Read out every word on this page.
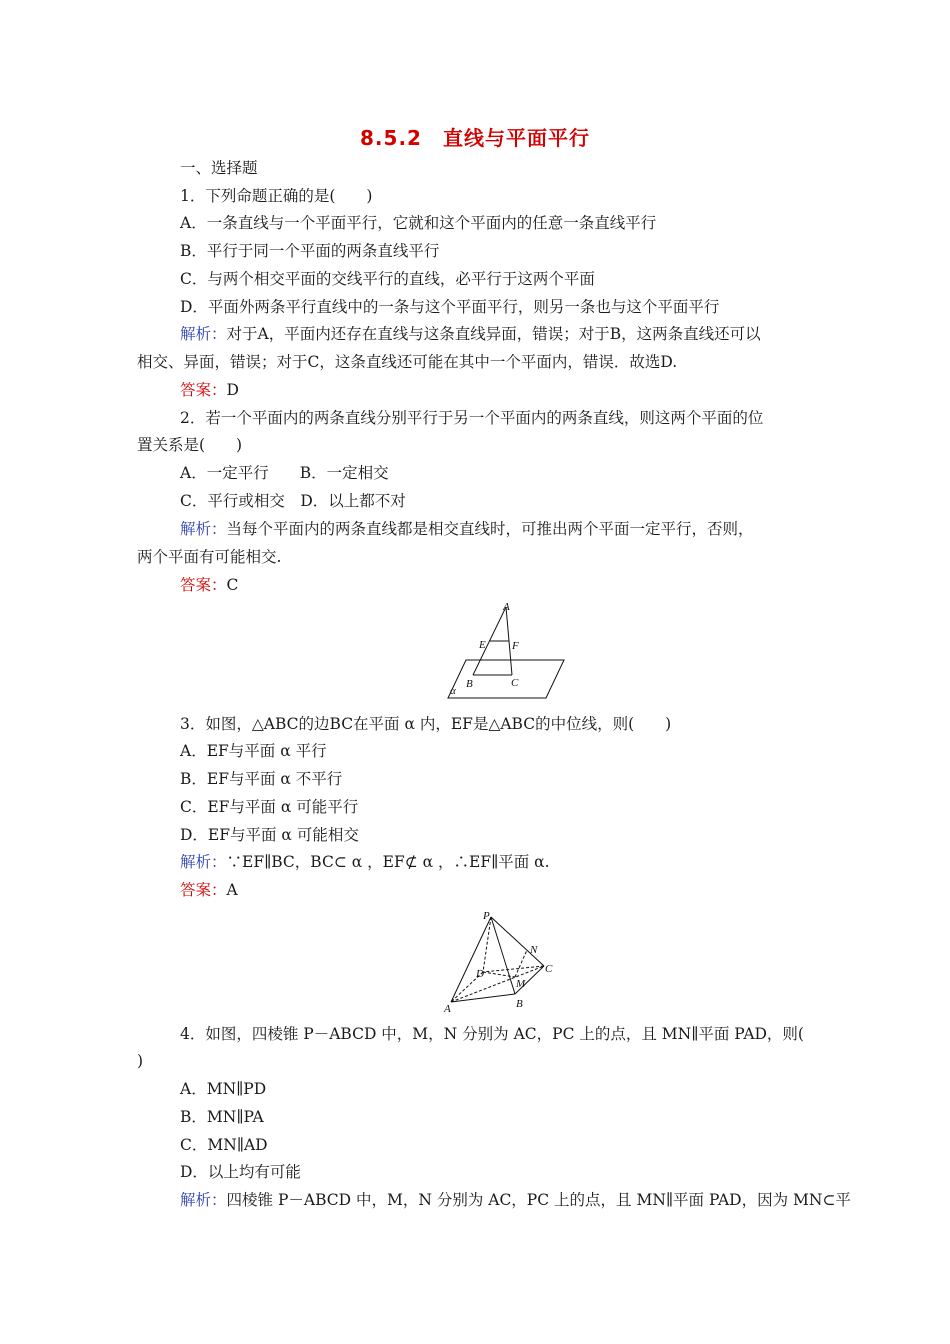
8.5.2　直线与平面平行
一、选择题
1．下列命题正确的是(　　)
A．一条直线与一个平面平行，它就和这个平面内的任意一条直线平行
B．平行于同一个平面的两条直线平行
C．与两个相交平面的交线平行的直线，必平行于这两个平面
D．平面外两条平行直线中的一条与这个平面平行，则另一条也与这个平面平行
解析：对于A，平面内还存在直线与这条直线异面，错误；对于B，这两条直线还可以
相交、异面，错误；对于C，这条直线还可能在其中一个平面内，错误．故选D.
答案：D
2．若一个平面内的两条直线分别平行于另一个平面内的两条直线，则这两个平面的位
置关系是(　　)
A．一定平行　　B．一定相交
C．平行或相交　D．以上都不对
解析：当每个平面内的两条直线都是相交直线时，可推出两个平面一定平行，否则，
两个平面有可能相交.
答案：C
A
E F
B	C
α
3．如图，△ABC的边BC在平面 α 内，EF是△ABC的中位线，则(　　)
A．EF与平面 α 平行
B．EF与平面 α 不平行
C．EF与平面 α 可能平行
D．EF与平面 α 可能相交
解析：∵EF∥BC，BC⊂ α ，EF⊄ α ，∴EF∥平面 α.
答案：A
P
N
C
D
M
A	B
4．如图，四棱锥 P－ABCD 中，M，N 分别为 AC，PC 上的点，且 MN∥平面 PAD，则(
)
A．MN∥PD
B．MN∥PA
C．MN∥AD
D．以上均有可能
解析：四棱锥 P－ABCD 中，M，N 分别为 AC，PC 上的点，且 MN∥平面 PAD，因为 MN⊂平
